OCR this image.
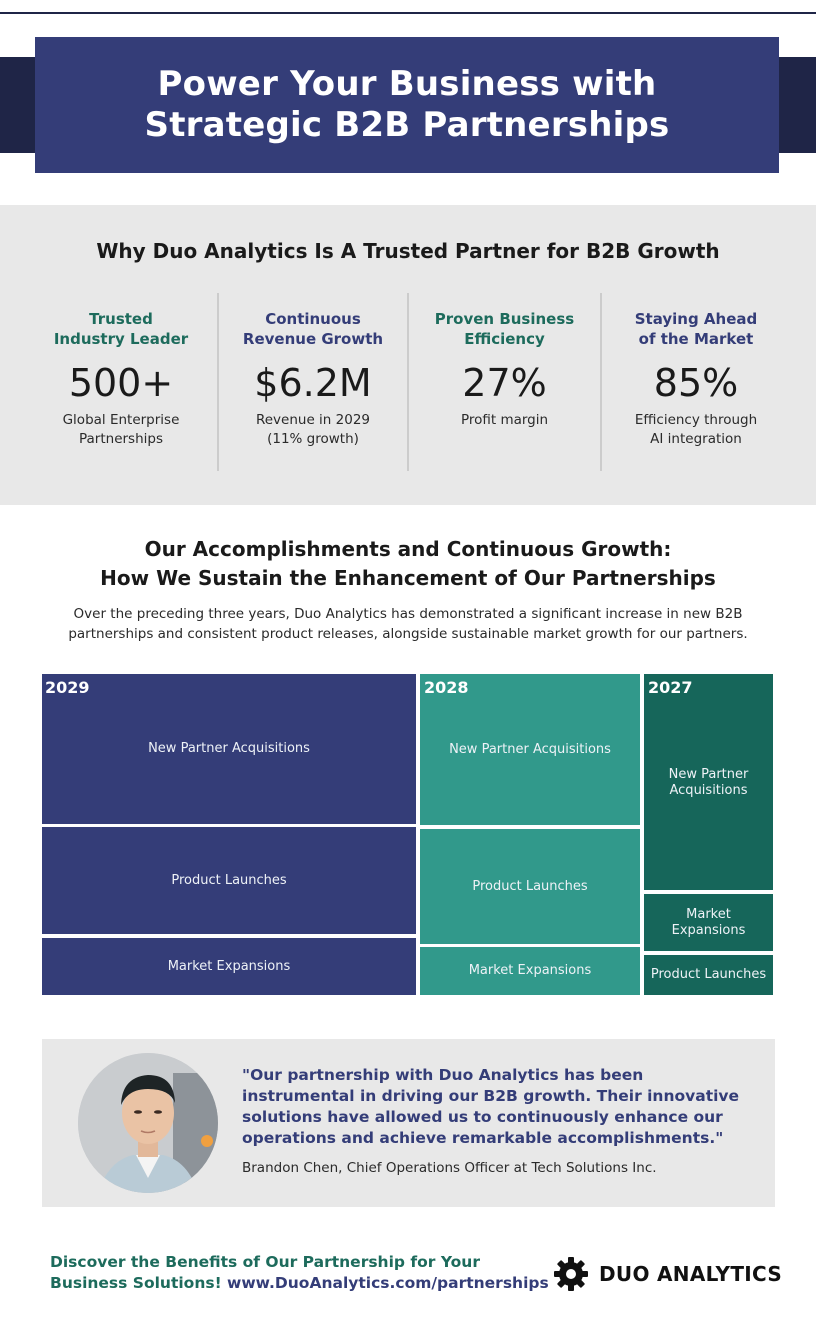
Power Your Business with
Strategic B2B Partnerships
Why Duo Analytics Is A Trusted Partner for B2B Growth
Trusted
Industry Leader
500+
Global Enterprise
Partnerships
Continuous
Revenue Growth
$6.2M
Revenue in 2029
(11% growth)
Proven Business
Efficiency
27%
Profit margin
Staying Ahead
of the Market
85%
Efficiency through
AI integration
Our Accomplishments and Continuous Growth:
How We Sustain the Enhancement of Our Partnerships
Over the preceding three years, Duo Analytics has demonstrated a significant increase in new B2B
partnerships and consistent product releases, alongside sustainable market growth for our partners.
New Partner Acquisitions
2029
Product Launches
Market Expansions
New Partner Acquisitions
2028
Product Launches
Market Expansions
New Partner
Acquisitions
2027
Market Expansions
Product Launches
"Our partnership with Duo Analytics has been
instrumental in driving our B2B growth. Their innovative
solutions have allowed us to continuously enhance our
operations and achieve remarkable accomplishments."
Brandon Chen, Chief Operations Officer at Tech Solutions Inc.
Discover the Benefits of Our Partnership for Your
Business Solutions! www.DuoAnalytics.com/partnerships	DUO ANALYTICS
